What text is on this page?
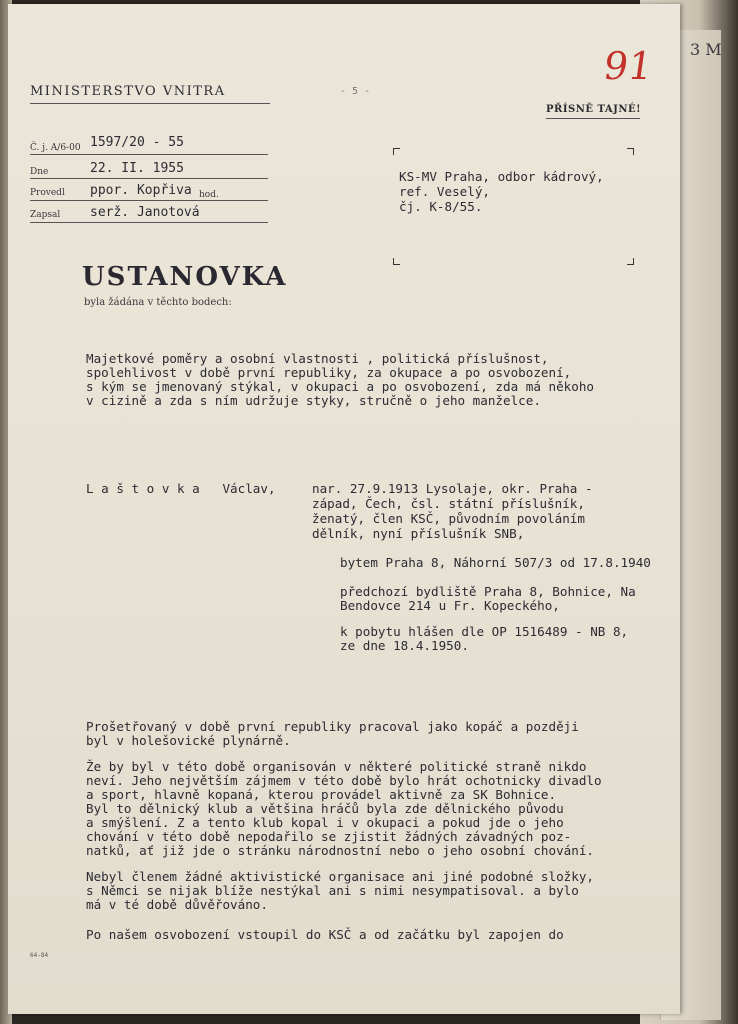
3 M
MINISTERSTVO VNITRA	- 5 -
91
PŘÍSNĚ TAJNÉ!
Č. j. A/6-00 1597/20 - 55
Dne	22. II. 1955
Provedl ppor. Kopřiva hod.
Zapsal serž. Janotová
KS-MV Praha, odbor kádrový,
ref. Veselý,
čj. K-8/55.
USTANOVKA
byla žádána v těchto bodech:
Majetkové poměry a osobní vlastnosti , politická příslušnost,
spolehlivost v době první republiky, za okupace a po osvobození,
s kým se jmenovaný stýkal, v okupaci a po osvobození, zda má někoho
v cizině a zda s ním udržuje styky, stručně o jeho manželce.
L a š t o v k a   Václav,	nar. 27.9.1913 Lysolaje, okr. Praha -
západ, Čech, čsl. státní příslušník,
ženatý, člen KSČ, původním povoláním
dělník, nyní příslušník SNB,
bytem Praha 8, Náhorní 507/3 od 17.8.1940
předchozí bydliště Praha 8, Bohnice, Na
Bendovce 214 u Fr. Kopeckého,
k pobytu hlášen dle OP 1516489 - NB 8,
ze dne 18.4.1950.
Prošetřovaný v době první republiky pracoval jako kopáč a později
byl v holešovické plynárně.
Že by byl v této době organisován v některé politické straně nikdo
neví. Jeho největším zájmem v této době bylo hrát ochotnicky divadlo
a sport, hlavně kopaná, kterou provádel aktivně za SK Bohnice.
Byl to dělnický klub a většina hráčů byla zde dělnického původu
a smýšlení. Z a tento klub kopal i v okupaci a pokud jde o jeho
chování v této době nepodařilo se zjistit žádných závadných poz-
natků, ať již jde o stránku národnostní nebo o jeho osobní chování.
Nebyl členem žádné aktivistické organisace ani jiné podobné složky,
s Němci se nijak blíže nestýkal ani s nimi nesympatisoval. a bylo
má v té době důvěřováno.
Po našem osvobození vstoupil do KSČ a od začátku byl zapojen do
64-84
